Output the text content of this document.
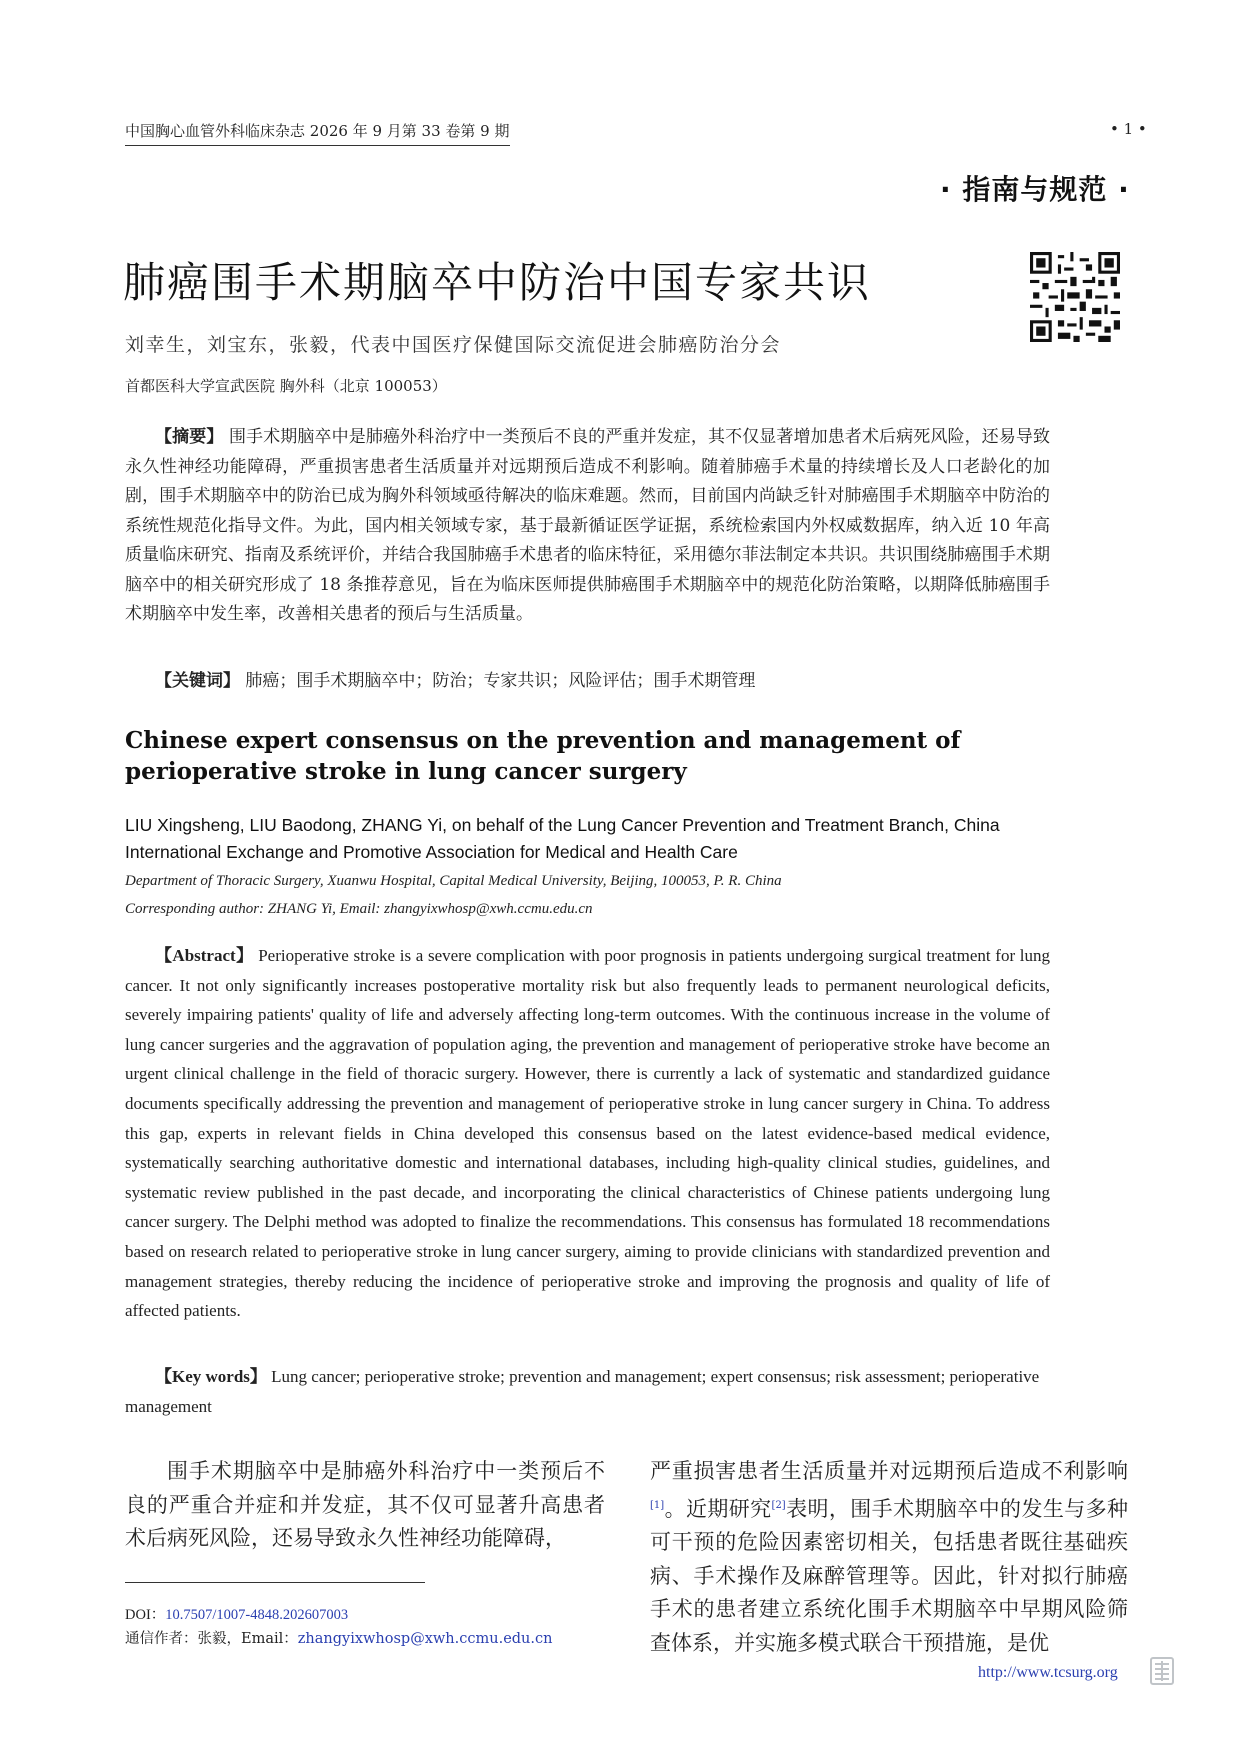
中国胸心血管外科临床杂志 2026 年 9 月第 33 卷第 9 期	• 1 •
· 指南与规范 ·
肺癌围手术期脑卒中防治中国专家共识
刘幸生，刘宝东，张毅，代表中国医疗保健国际交流促进会肺癌防治分会
首都医科大学宣武医院 胸外科（北京 100053）
【摘要】 围手术期脑卒中是肺癌外科治疗中一类预后不良的严重并发症，其不仅显著增加患者术后病死风险，还易导致永久性神经功能障碍，严重损害患者生活质量并对远期预后造成不利影响。随着肺癌手术量的持续增长及人口老龄化的加剧，围手术期脑卒中的防治已成为胸外科领域亟待解决的临床难题。然而，目前国内尚缺乏针对肺癌围手术期脑卒中防治的系统性规范化指导文件。为此，国内相关领域专家，基于最新循证医学证据，系统检索国内外权威数据库，纳入近 10 年高质量临床研究、指南及系统评价，并结合我国肺癌手术患者的临床特征，采用德尔菲法制定本共识。共识围绕肺癌围手术期脑卒中的相关研究形成了 18 条推荐意见，旨在为临床医师提供肺癌围手术期脑卒中的规范化防治策略，以期降低肺癌围手术期脑卒中发生率，改善相关患者的预后与生活质量。
【关键词】 肺癌；围手术期脑卒中；防治；专家共识；风险评估；围手术期管理
Chinese expert consensus on the prevention and management of perioperative stroke in lung cancer surgery
LIU Xingsheng, LIU Baodong, ZHANG Yi, on behalf of the Lung Cancer Prevention and Treatment Branch, China International Exchange and Promotive Association for Medical and Health Care
Department of Thoracic Surgery, Xuanwu Hospital, Capital Medical University, Beijing, 100053, P. R. China
Corresponding author: ZHANG Yi, Email: zhangyixwhosp@xwh.ccmu.edu.cn
【Abstract】 Perioperative stroke is a severe complication with poor prognosis in patients undergoing surgical treatment for lung cancer. It not only significantly increases postoperative mortality risk but also frequently leads to permanent neurological deficits, severely impairing patients' quality of life and adversely affecting long-term outcomes. With the continuous increase in the volume of lung cancer surgeries and the aggravation of population aging, the prevention and management of perioperative stroke have become an urgent clinical challenge in the field of thoracic surgery. However, there is currently a lack of systematic and standardized guidance documents specifically addressing the prevention and management of perioperative stroke in lung cancer surgery in China. To address this gap, experts in relevant fields in China developed this consensus based on the latest evidence-based medical evidence, systematically searching authoritative domestic and international databases, including high-quality clinical studies, guidelines, and systematic review published in the past decade, and incorporating the clinical characteristics of Chinese patients undergoing lung cancer surgery. The Delphi method was adopted to finalize the recommendations. This consensus has formulated 18 recommendations based on research related to perioperative stroke in lung cancer surgery, aiming to provide clinicians with standardized prevention and management strategies, thereby reducing the incidence of perioperative stroke and improving the prognosis and quality of life of affected patients.
【Key words】 Lung cancer; perioperative stroke; prevention and management; expert consensus; risk assessment; perioperative management
围手术期脑卒中是肺癌外科治疗中一类预后不良的严重合并症和并发症，其不仅可显著升高患者术后病死风险，还易导致永久性神经功能障碍，
严重损害患者生活质量并对远期预后造成不利影响[1]。近期研究[2]表明，围手术期脑卒中的发生与多种可干预的危险因素密切相关，包括患者既往基础疾病、手术操作及麻醉管理等。因此，针对拟行肺癌手术的患者建立系统化围手术期脑卒中早期风险筛查体系，并实施多模式联合干预措施，是优
DOI：10.7507/1007-4848.202607003
通信作者：张毅，Email：zhangyixwhosp@xwh.ccmu.edu.cn
http://www.tcsurg.org
